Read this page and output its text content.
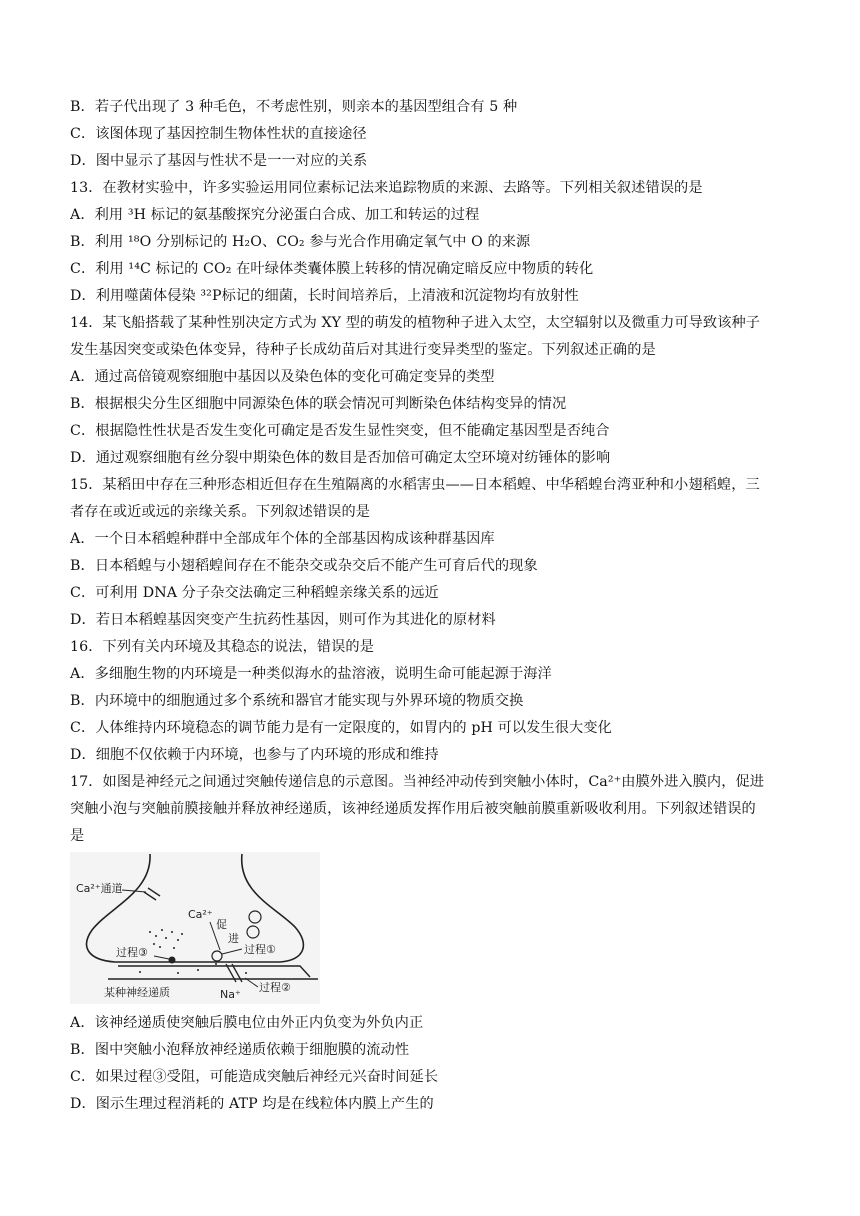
B．若子代出现了 3 种毛色，不考虑性别，则亲本的基因型组合有 5 种
C．该图体现了基因控制生物体性状的直接途径
D．图中显示了基因与性状不是一一对应的关系
13．在教材实验中，许多实验运用同位素标记法来追踪物质的来源、去路等。下列相关叙述错误的是
A．利用 ³H 标记的氨基酸探究分泌蛋白合成、加工和转运的过程
B．利用 ¹⁸O 分别标记的 H₂O、CO₂ 参与光合作用确定氧气中 O 的来源
C．利用 ¹⁴C 标记的 CO₂ 在叶绿体类囊体膜上转移的情况确定暗反应中物质的转化
D．利用噬菌体侵染 ³²P标记的细菌，长时间培养后，上清液和沉淀物均有放射性
14．某飞船搭载了某种性别决定方式为 XY 型的萌发的植物种子进入太空，太空辐射以及微重力可导致该种子
发生基因突变或染色体变异，待种子长成幼苗后对其进行变异类型的鉴定。下列叙述正确的是
A．通过高倍镜观察细胞中基因以及染色体的变化可确定变异的类型
B．根据根尖分生区细胞中同源染色体的联会情况可判断染色体结构变异的情况
C．根据隐性性状是否发生变化可确定是否发生显性突变，但不能确定基因型是否纯合
D．通过观察细胞有丝分裂中期染色体的数目是否加倍可确定太空环境对纺锤体的影响
15．某稻田中存在三种形态相近但存在生殖隔离的水稻害虫——日本稻蝗、中华稻蝗台湾亚种和小翅稻蝗，三
者存在或近或远的亲缘关系。下列叙述错误的是
A．一个日本稻蝗种群中全部成年个体的全部基因构成该种群基因库
B．日本稻蝗与小翅稻蝗间存在不能杂交或杂交后不能产生可育后代的现象
C．可利用 DNA 分子杂交法确定三种稻蝗亲缘关系的远近
D．若日本稻蝗基因突变产生抗药性基因，则可作为其进化的原材料
16．下列有关内环境及其稳态的说法，错误的是
A．多细胞生物的内环境是一种类似海水的盐溶液，说明生命可能起源于海洋
B．内环境中的细胞通过多个系统和器官才能实现与外界环境的物质交换
C．人体维持内环境稳态的调节能力是有一定限度的，如胃内的 pH 可以发生很大变化
D．细胞不仅依赖于内环境，也参与了内环境的形成和维持
17．如图是神经元之间通过突触传递信息的示意图。当神经冲动传到突触小体时，Ca²⁺由膜外进入膜内，促进
突触小泡与突触前膜接触并释放神经递质，该神经递质发挥作用后被突触前膜重新吸收利用。下列叙述错误的
是
Ca²⁺通道
Ca²⁺
促
进
过程③	过程①
过程②
Na⁺
某种神经递质
A．该神经递质使突触后膜电位由外正内负变为外负内正
B．图中突触小泡释放神经递质依赖于细胞膜的流动性
C．如果过程③受阻，可能造成突触后神经元兴奋时间延长
D．图示生理过程消耗的 ATP 均是在线粒体内膜上产生的
